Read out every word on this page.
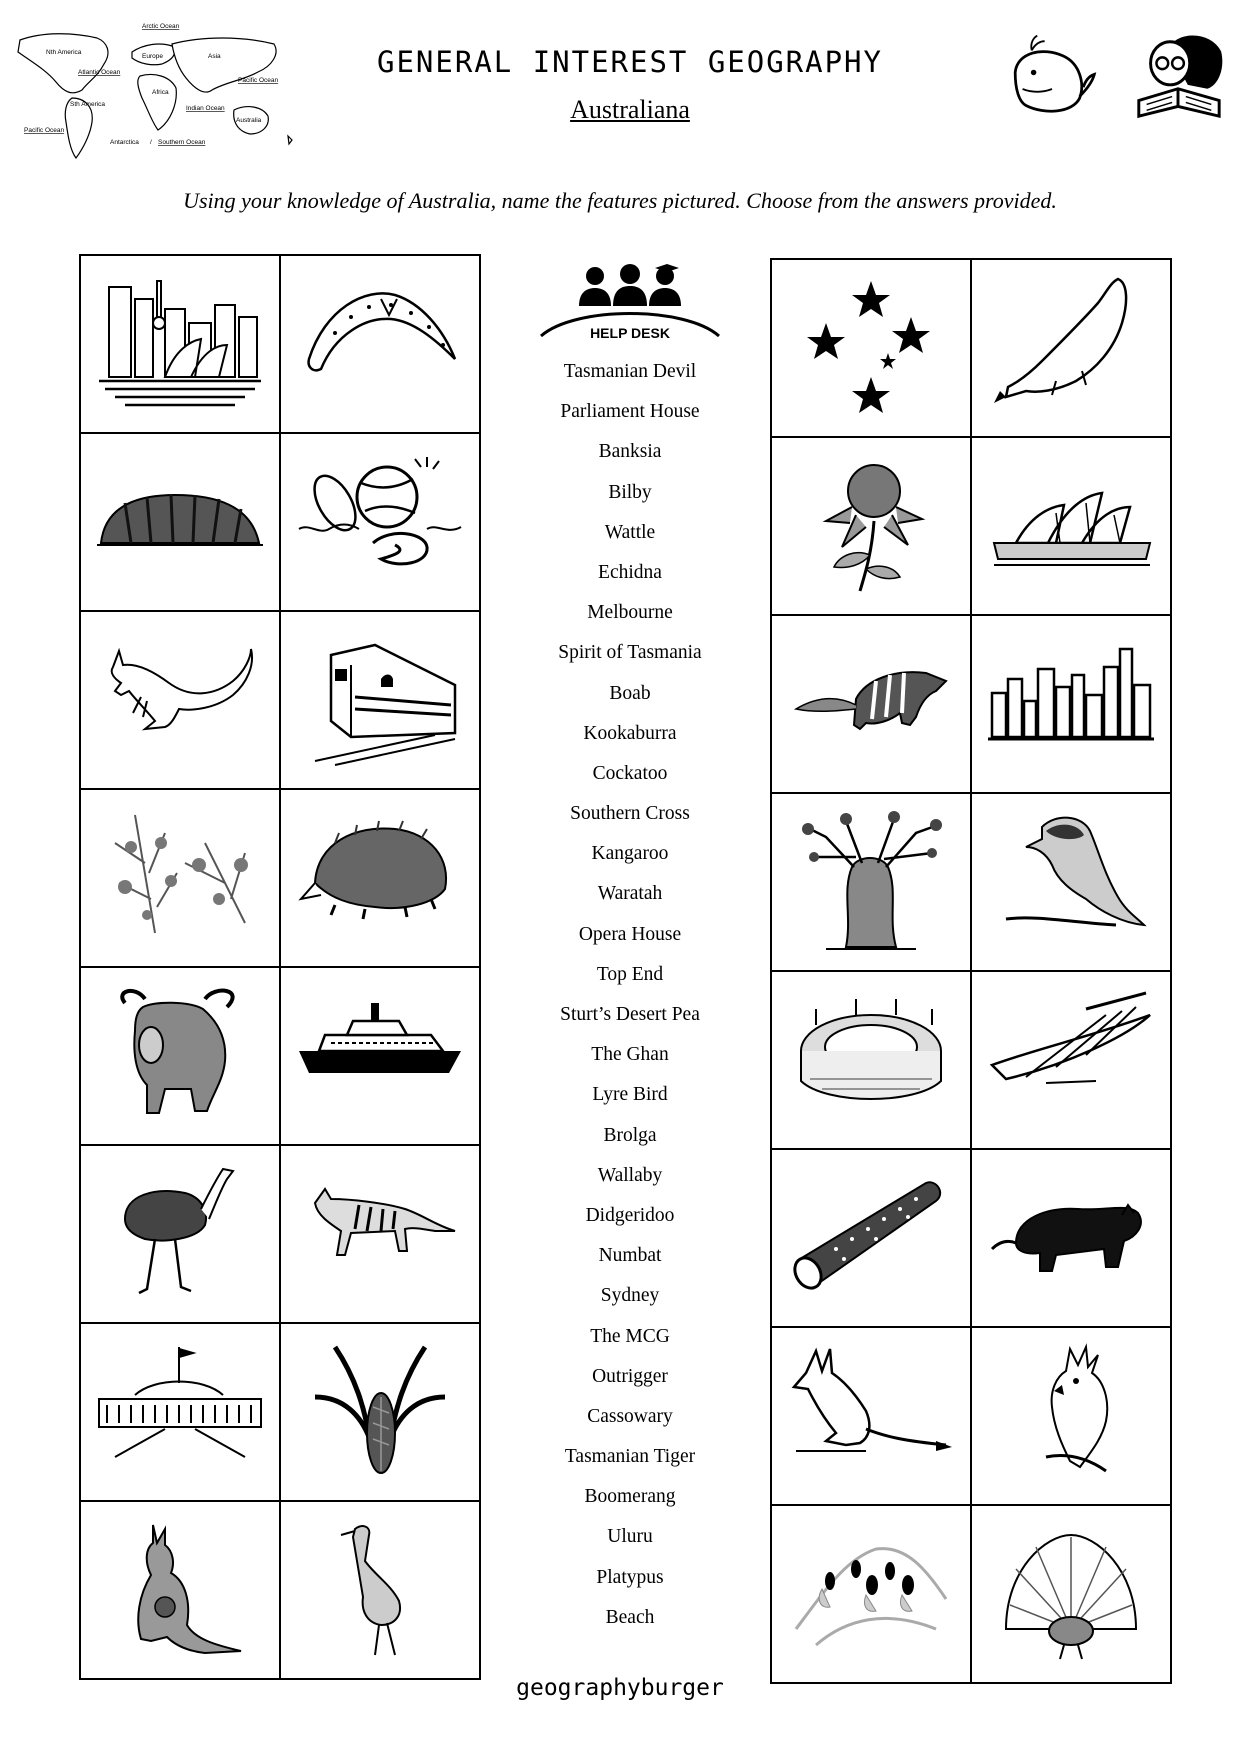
Arctic Ocean
Nth America
Europe	Asia
Atlantic Ocean
Pacific Ocean
Africa
Sth America
Indian Ocean
Australia
Pacific Ocean
Antarctica / Southern Ocean
GENERAL INTEREST GEOGRAPHY
Australiana
Using your knowledge of Australia, name the features pictured. Choose from the answers provided.
HELP DESK
Tasmanian Devil
Parliament House
Banksia
Bilby
Wattle
Echidna
Melbourne
Spirit of Tasmania
Boab
Kookaburra
Cockatoo
Southern Cross
Kangaroo
Waratah
Opera House
Top End
Sturt’s Desert Pea
The Ghan
Lyre Bird
Brolga
Wallaby
Didgeridoo
Numbat
Sydney
The MCG
Outrigger
Cassowary
Tasmanian Tiger
Boomerang
Uluru
Platypus
Beach
geographyburger
